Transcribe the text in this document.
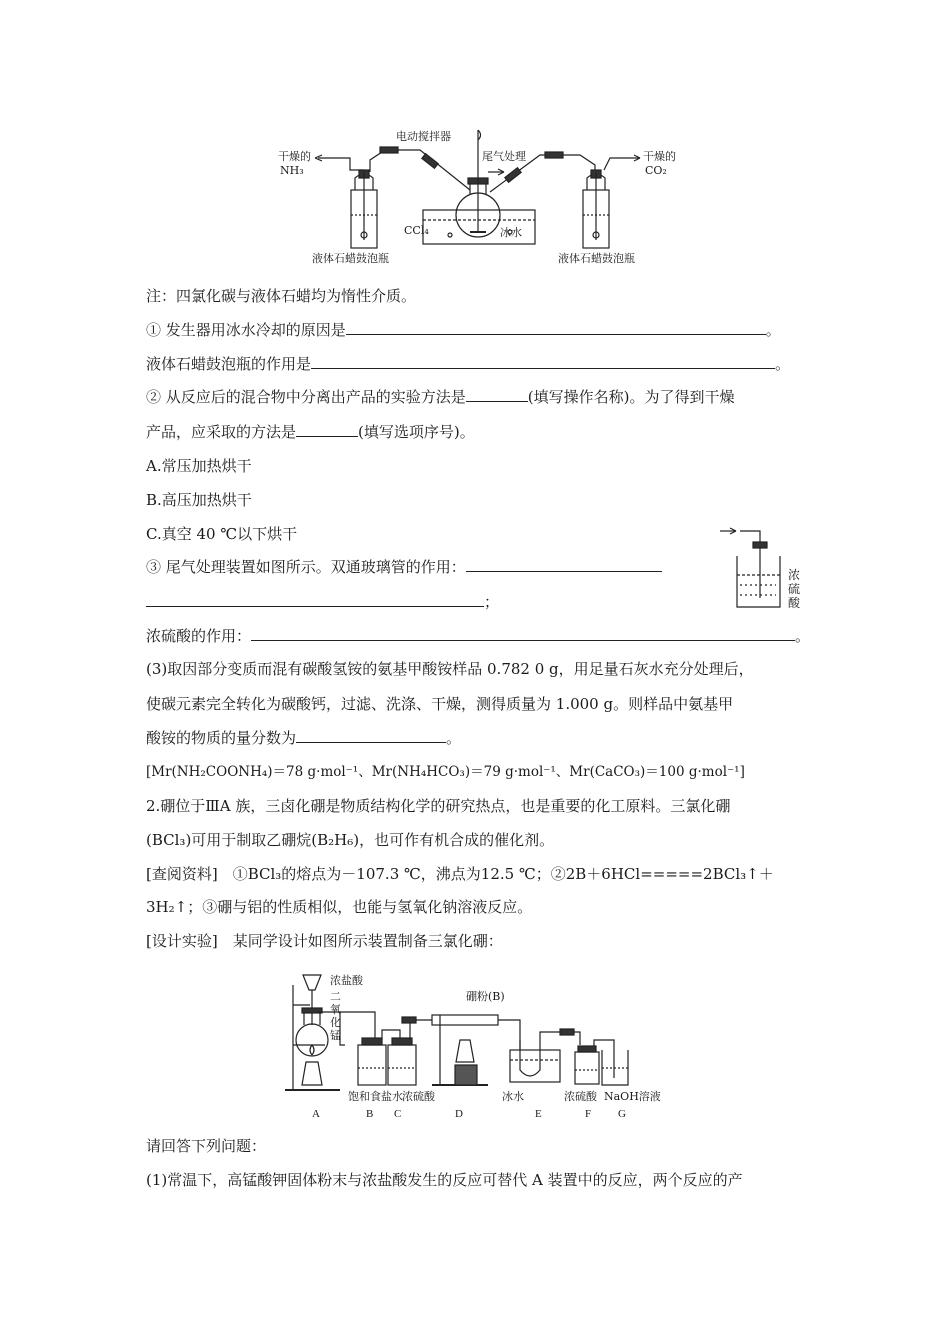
电动搅拌器
干燥的
NH₃
尾气处理	干燥的
CO₂
CCl₄	冰水
液体石蜡鼓泡瓶	液体石蜡鼓泡瓶
注：四氯化碳与液体石蜡均为惰性介质。
① 发生器用冰水冷却的原因是	。
液体石蜡鼓泡瓶的作用是	。
② 从反应后的混合物中分离出产品的实验方法是	(填写操作名称)。为了得到干燥
产品，应采取的方法是	(填写选项序号)。
A.常压加热烘干
B.高压加热烘干
C.真空 40 ℃以下烘干
③ 尾气处理装置如图所示。双通玻璃管的作用：
；
浓硫酸
浓硫酸的作用：	。
(3)取因部分变质而混有碳酸氢铵的氨基甲酸铵样品 0.782 0 g，用足量石灰水充分处理后，
使碳元素完全转化为碳酸钙，过滤、洗涤、干燥，测得质量为 1.000 g。则样品中氨基甲
酸铵的物质的量分数为	。
[Mr(NH₂COONH₄)＝78 g·mol⁻¹、Mr(NH₄HCO₃)＝79 g·mol⁻¹、Mr(CaCO₃)＝100 g·mol⁻¹]
2.硼位于ⅢA 族，三卤化硼是物质结构化学的研究热点，也是重要的化工原料。三氯化硼
(BCl₃)可用于制取乙硼烷(B₂H₆)，也可作有机合成的催化剂。
[查阅资料]　①BCl₃的熔点为－107.3 ℃，沸点为12.5 ℃；②2B＋6HCl=====2BCl₃↑＋
3H₂↑；③硼与铝的性质相似，也能与氢氧化钠溶液反应。
[设计实验]　某同学设计如图所示装置制备三氯化硼：
浓盐酸
二氧化锰
硼粉(B)
饱和食盐水 浓硫酸	冰水	浓硫酸 NaOH溶液
A	B C	D	E	F G
请回答下列问题：
(1)常温下，高锰酸钾固体粉末与浓盐酸发生的反应可替代 A 装置中的反应，两个反应的产
